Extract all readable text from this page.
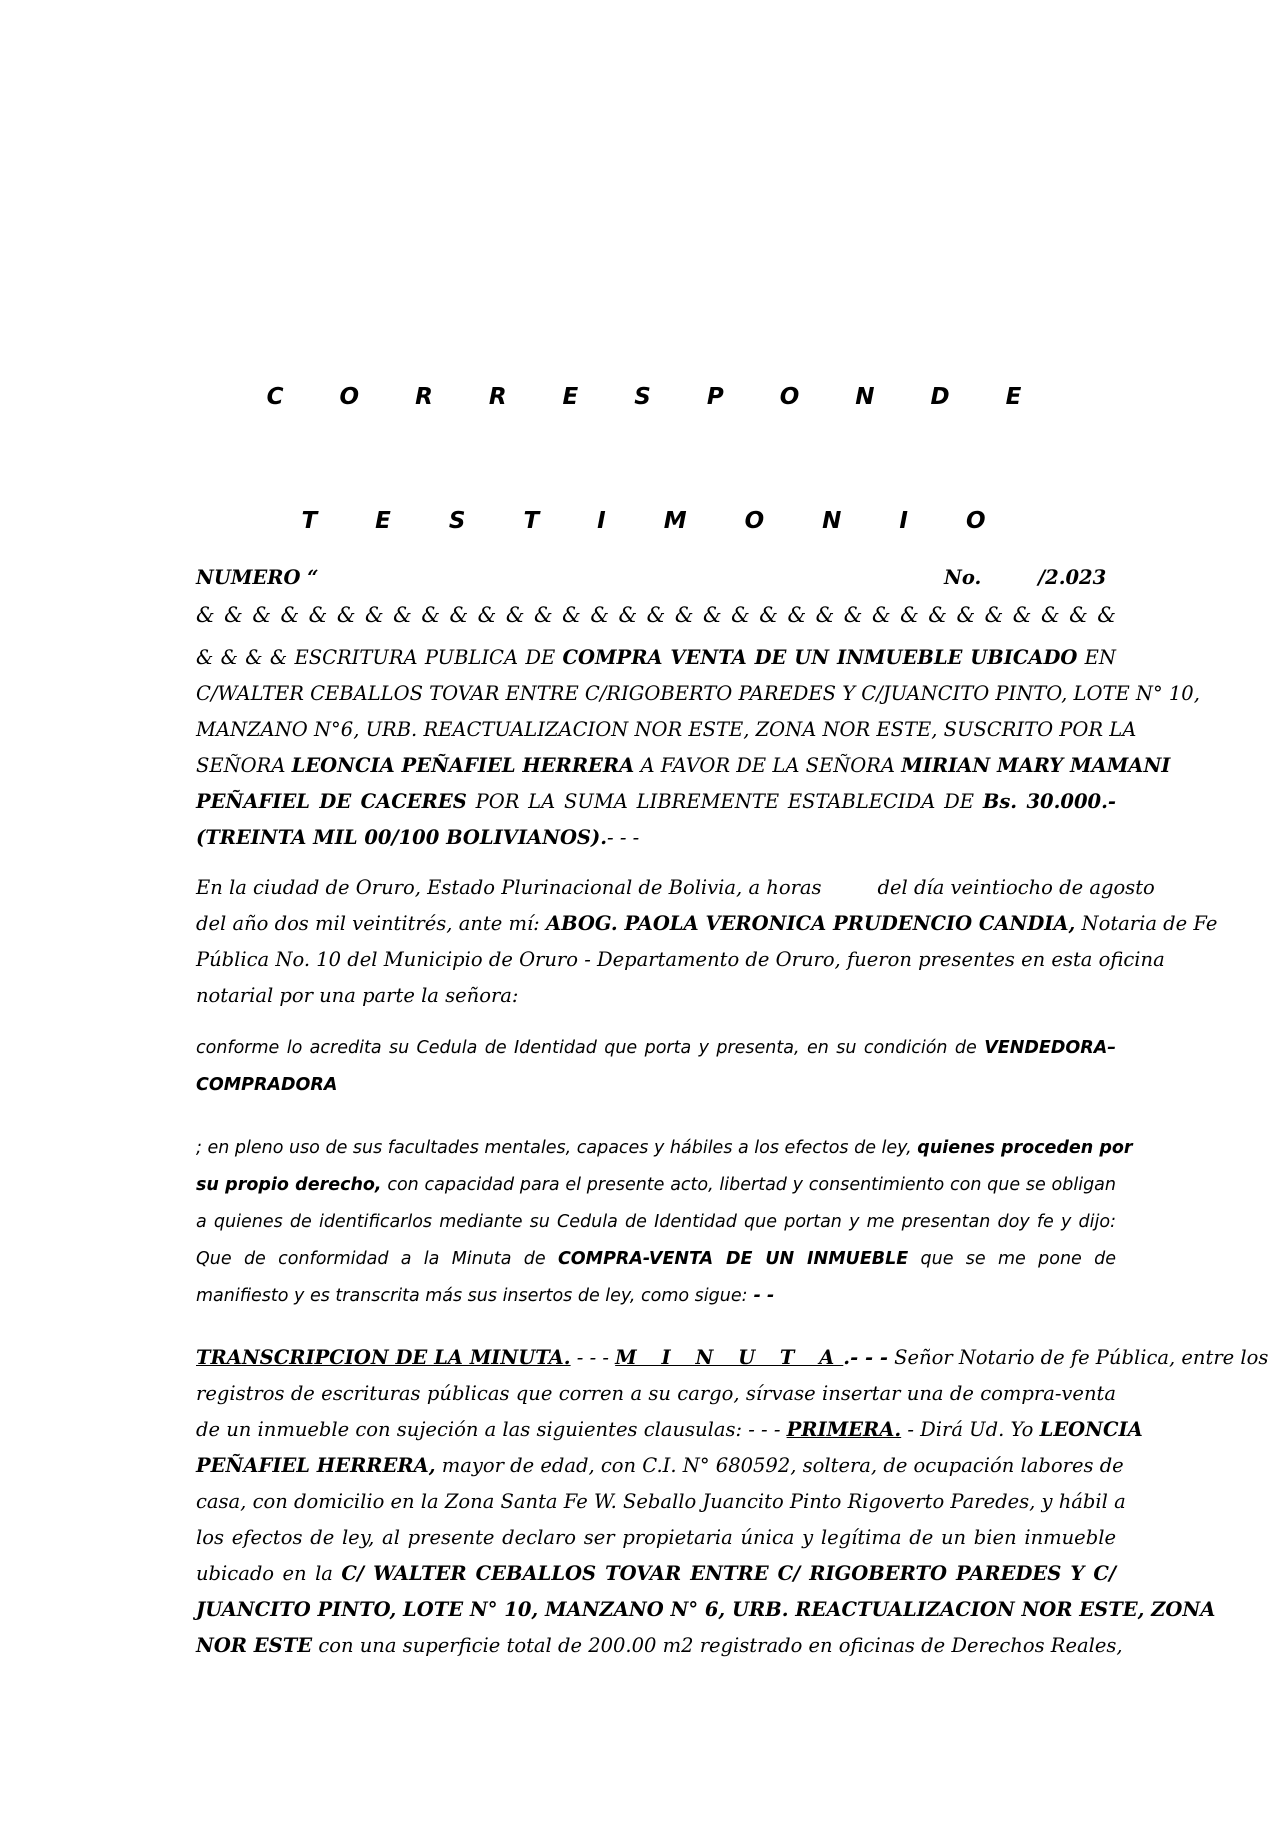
C O R R E S P O N D E
T E S T I M O N I O
NUMERO “	No.	/2.023
& & & & & & & & & & & & & & & & & & & & & & & & & & & & & & & & &
& & & & ESCRITURA PUBLICA DE COMPRA VENTA DE UN INMUEBLE UBICADO EN
C/WALTER CEBALLOS TOVAR ENTRE C/RIGOBERTO PAREDES Y C/JUANCITO PINTO, LOTE N° 10,
MANZANO N°6, URB. REACTUALIZACION NOR ESTE, ZONA NOR ESTE, SUSCRITO POR LA
SEÑORA LEONCIA PEÑAFIEL HERRERA A FAVOR DE LA SEÑORA MIRIAN MARY MAMANI
PEÑAFIEL DE CACERES POR LA SUMA LIBREMENTE ESTABLECIDA DE Bs. 30.000.-
(TREINTA MIL 00/100 BOLIVIANOS).- - -
En la ciudad de Oruro, Estado Plurinacional de Bolivia, a horas	del día veintiocho de agosto
del año dos mil veintitrés, ante mí: ABOG. PAOLA VERONICA PRUDENCIO CANDIA, Notaria de Fe
Pública No. 10 del Municipio de Oruro - Departamento de Oruro, fueron presentes en esta oficina
notarial por una parte la señora:
conforme lo acredita su Cedula de Identidad que porta y presenta, en su condición de VENDEDORA–
COMPRADORA
; en pleno uso de sus facultades mentales, capaces y hábiles a los efectos de ley, quienes proceden por
su propio derecho, con capacidad para el presente acto, libertad y consentimiento con que se obligan
a quienes de identificarlos mediante su Cedula de Identidad que portan y me presentan doy fe y dijo:
Que de conformidad a la Minuta de COMPRA-VENTA DE UN INMUEBLE que se me pone de
manifiesto y es transcrita más sus insertos de ley, como sigue: - -
TRANSCRIPCION DE LA MINUTA. - - - M I N U T A.- - - Señor Notario de fe Pública, entre los
registros de escrituras públicas que corren a su cargo, sírvase insertar una de compra-venta
de un inmueble con sujeción a las siguientes clausulas: - - - PRIMERA. - Dirá Ud. Yo LEONCIA
PEÑAFIEL HERRERA, mayor de edad, con C.I. N° 680592, soltera, de ocupación labores de
casa, con domicilio en la Zona Santa Fe W. Seballo Juancito Pinto Rigoverto Paredes, y hábil a
los efectos de ley, al presente declaro ser propietaria única y legítima de un bien inmueble
ubicado en la C/ WALTER CEBALLOS TOVAR ENTRE C/ RIGOBERTO PAREDES Y C/
JUANCITO PINTO, LOTE N° 10, MANZANO N° 6, URB. REACTUALIZACION NOR ESTE, ZONA
NOR ESTE con una superficie total de 200.00 m2 registrado en oficinas de Derechos Reales,
